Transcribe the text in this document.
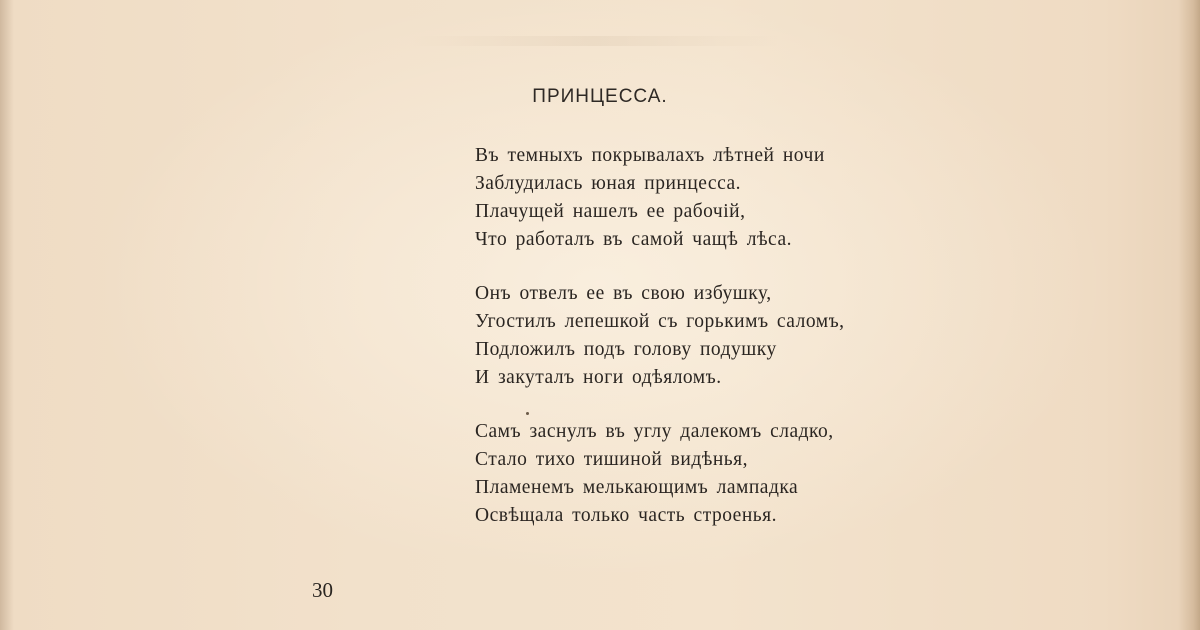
ПРИНЦЕССА.
Въ темныхъ покрывалахъ лѣтней ночи
Заблудилась юная принцесса.
Плачущей нашелъ ее рабочій,
Что работалъ въ самой чащѣ лѣса.
Онъ отвелъ ее въ свою избушку,
Угостилъ лепешкой съ горькимъ саломъ,
Подложилъ подъ голову подушку
И закуталъ ноги одѣяломъ.
Самъ заснулъ въ углу далекомъ сладко,
Стало тихо тишиной видѣнья,
Пламенемъ мелькающимъ лампадка
Освѣщала только часть строенья.
30
